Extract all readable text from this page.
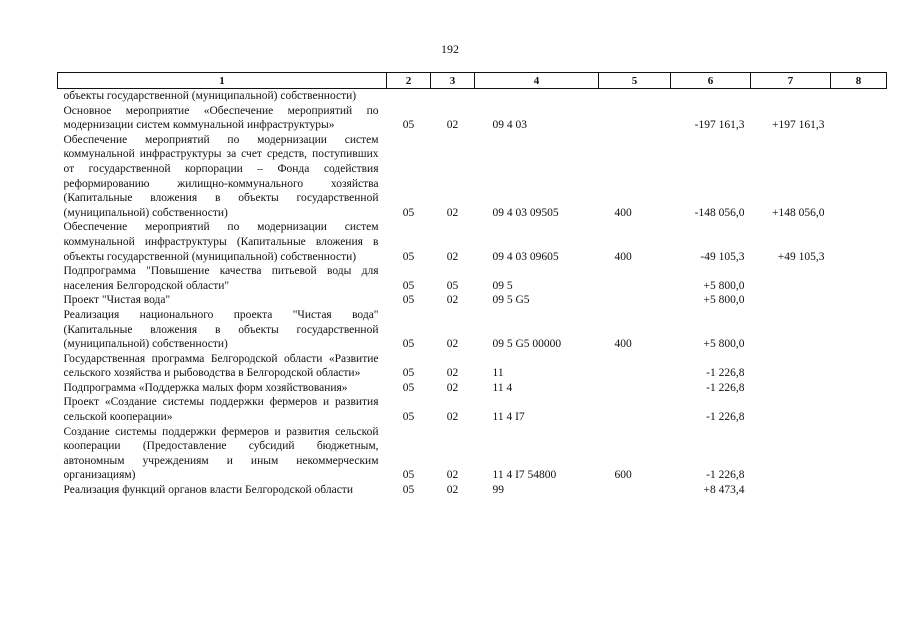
192
1	2	3	4	5	6	7	8
объекты государственной (муниципальной) собственности)							
Основное мероприятие «Обеспечение мероприятий по модернизации систем коммунальной инфраструктуры»	05	02	09 4 03		-197 161,3	+197 161,3	
Обеспечение мероприятий по модернизации систем коммунальной инфраструктуры за счет средств, поступивших от государственной корпорации – Фонда содействия реформированию жилищно-коммунального хозяйства (Капитальные вложения в объекты государственной (муниципальной) собственности)	05	02	09 4 03 09505	400	-148 056,0	+148 056,0	
Обеспечение мероприятий по модернизации систем коммунальной инфраструктуры (Капитальные вложения в объекты государственной (муниципальной) собственности)	05	02	09 4 03 09605	400	-49 105,3	+49 105,3	
Подпрограмма "Повышение качества питьевой воды для населения Белгородской области"	05	05	09 5		+5 800,0		
Проект "Чистая вода"	05	02	09 5 G5		+5 800,0		
Реализация национального проекта "Чистая вода" (Капитальные вложения в объекты государственной (муниципальной) собственности)	05	02	09 5 G5 00000	400	+5 800,0		
Государственная программа Белгородской области «Развитие сельского хозяйства и рыбоводства в Белгородской области»	05	02	11		-1 226,8		
Подпрограмма «Поддержка малых форм хозяйствования»	05	02	11 4		-1 226,8		
Проект «Создание системы поддержки фермеров и развития сельской кооперации»	05	02	11 4 I7		-1 226,8		
Создание системы поддержки фермеров и развития сельской кооперации (Предоставление субсидий бюджетным, автономным учреждениям и иным некоммерческим организациям)	05	02	11 4 I7 54800	600	-1 226,8		
Реализация функций органов власти Белгородской области	05	02	99		+8 473,4		
